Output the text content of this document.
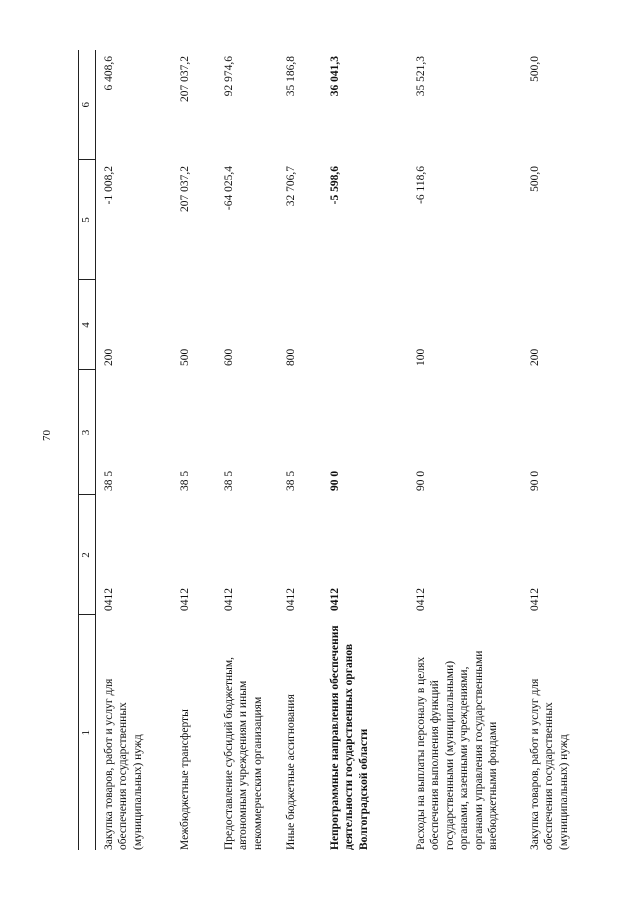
70
1	2	3	4	5	6
Закупка товаров, работ и услуг для обеспечения государственных (муниципальных) нужд	0412	38 5	200	-1 008,2	6 408,6
Межбюджетные трансферты	0412	38 5	500	207 037,2	207 037,2
Предоставление субсидий бюджетным, автономным учреждениям и иным некоммерческим организациям	0412	38 5	600	-64 025,4	92 974,6
Иные бюджетные ассигнования	0412	38 5	800	32 706,7	35 186,8
Непрограммные направления обеспечения деятельности государственных органов Волгоградской области	0412	90 0		-5 598,6	36 041,3
Расходы на выплаты персоналу в целях обеспечения выполнения функций государственными (муниципальными) органами, казенными учреждениями, органами управления государственными внебюджетными фондами	0412	90 0	100	-6 118,6	35 521,3
Закупка товаров, работ и услуг для обеспечения государственных (муниципальных) нужд	0412	90 0	200	500,0	500,0
